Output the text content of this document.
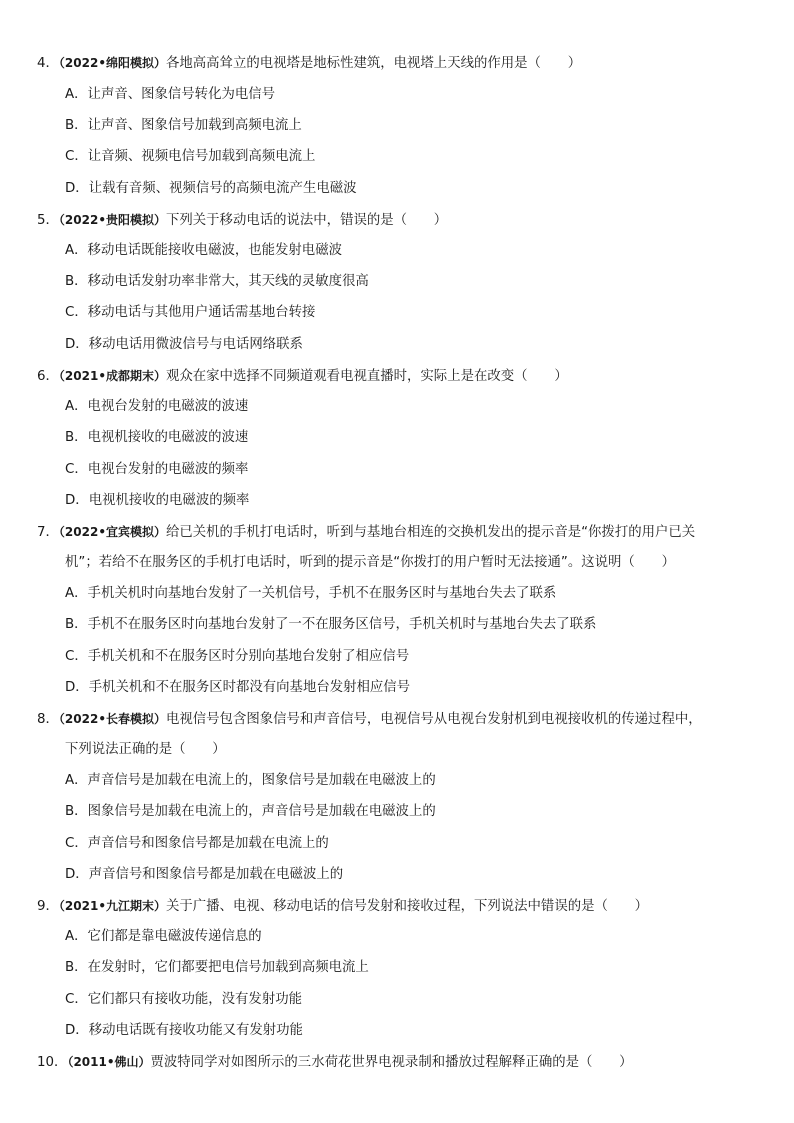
4．（2022•绵阳模拟）各地高高耸立的电视塔是地标性建筑，电视塔上天线的作用是（　　）
A．让声音、图象信号转化为电信号
B．让声音、图象信号加载到高频电流上
C．让音频、视频电信号加载到高频电流上
D．让载有音频、视频信号的高频电流产生电磁波
5．（2022•贵阳模拟）下列关于移动电话的说法中，错误的是（　　）
A．移动电话既能接收电磁波，也能发射电磁波
B．移动电话发射功率非常大，其天线的灵敏度很高
C．移动电话与其他用户通话需基地台转接
D．移动电话用微波信号与电话网络联系
6．（2021•成都期末）观众在家中选择不同频道观看电视直播时，实际上是在改变（　　）
A．电视台发射的电磁波的波速
B．电视机接收的电磁波的波速
C．电视台发射的电磁波的频率
D．电视机接收的电磁波的频率
7．（2022•宜宾模拟）给已关机的手机打电话时，听到与基地台相连的交换机发出的提示音是“你拨打的用户已关
机”；若给不在服务区的手机打电话时，听到的提示音是“你拨打的用户暂时无法接通”。这说明（　　）
A．手机关机时向基地台发射了一关机信号，手机不在服务区时与基地台失去了联系
B．手机不在服务区时向基地台发射了一不在服务区信号，手机关机时与基地台失去了联系
C．手机关机和不在服务区时分别向基地台发射了相应信号
D．手机关机和不在服务区时都没有向基地台发射相应信号
8．（2022•长春模拟）电视信号包含图象信号和声音信号，电视信号从电视台发射机到电视接收机的传递过程中，
下列说法正确的是（　　）
A．声音信号是加载在电流上的，图象信号是加载在电磁波上的
B．图象信号是加载在电流上的，声音信号是加载在电磁波上的
C．声音信号和图象信号都是加载在电流上的
D．声音信号和图象信号都是加载在电磁波上的
9．（2021•九江期末）关于广播、电视、移动电话的信号发射和接收过程，下列说法中错误的是（　　）
A．它们都是靠电磁波传递信息的
B．在发射时，它们都要把电信号加载到高频电流上
C．它们都只有接收功能，没有发射功能
D．移动电话既有接收功能又有发射功能
10．（2011•佛山）贾波特同学对如图所示的三水荷花世界电视录制和播放过程解释正确的是（　　）
